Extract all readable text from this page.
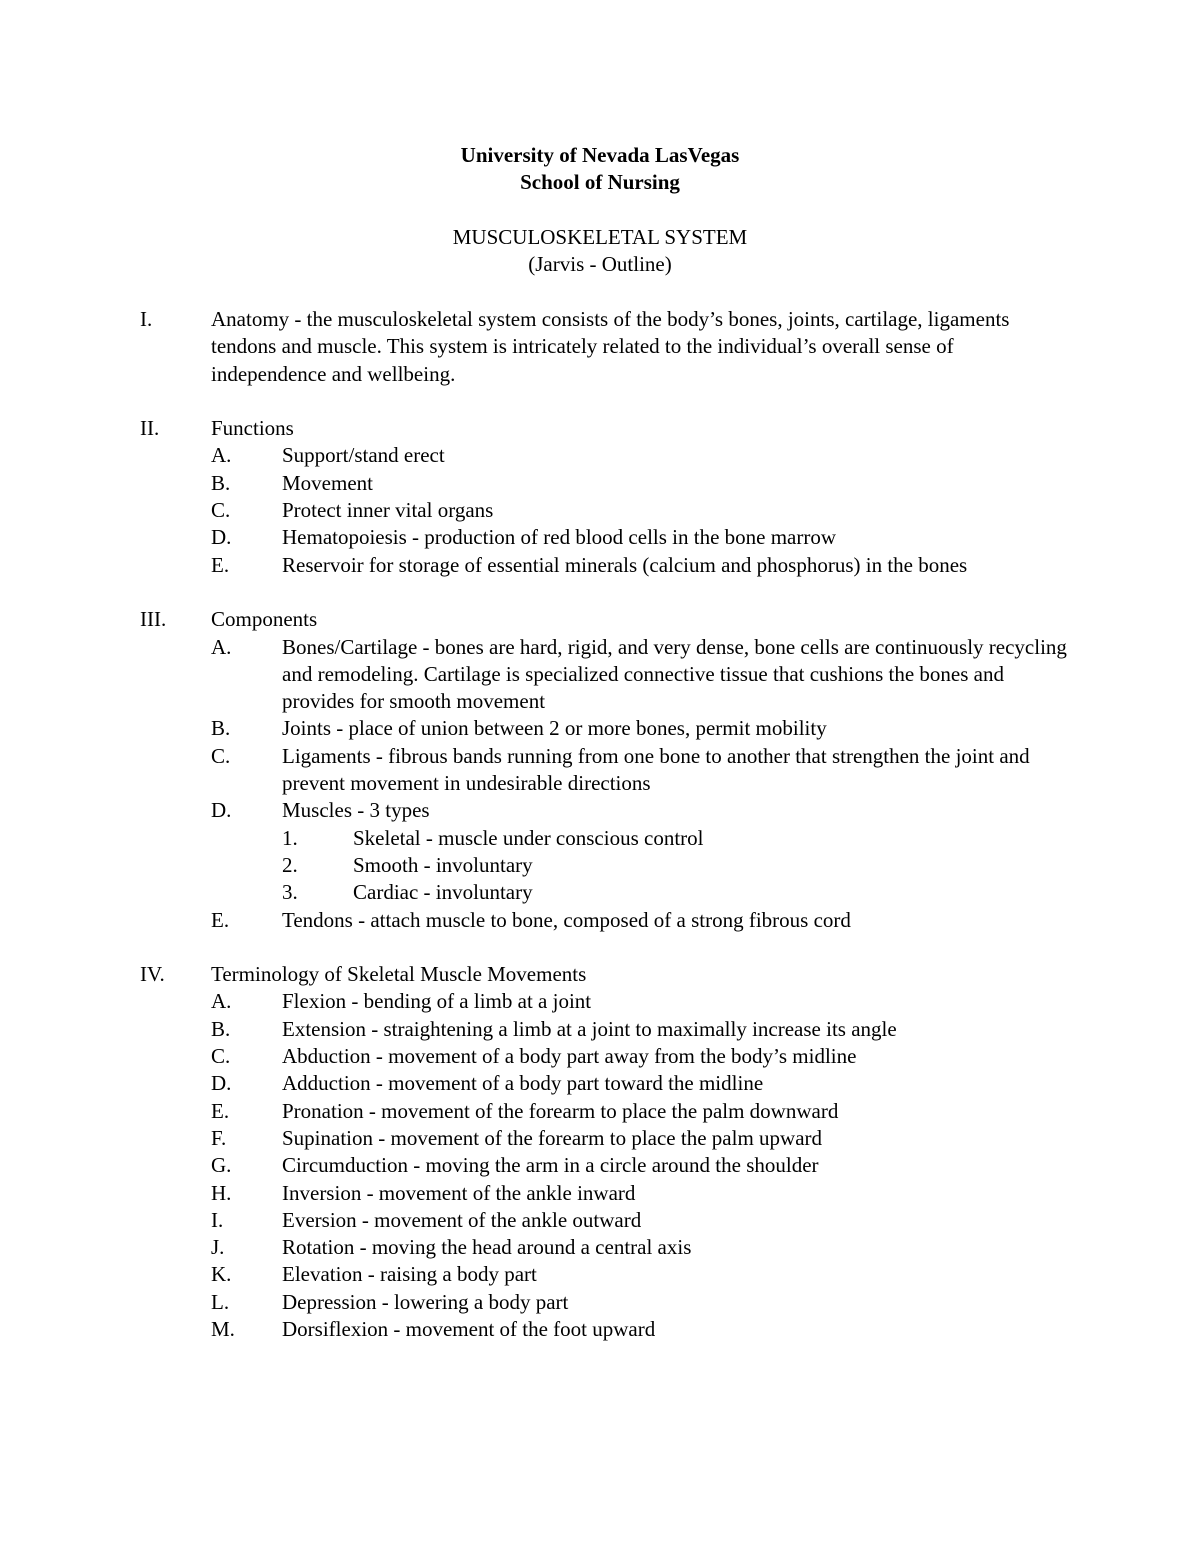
University of Nevada LasVegas
School of Nursing
MUSCULOSKELETAL SYSTEM
(Jarvis - Outline)
I.	Anatomy - the musculoskeletal system consists of the body’s bones, joints, cartilage, ligaments tendons and muscle. This system is intricately related to the individual’s overall sense of independence and wellbeing.
II. Functions
A. Support/stand erect
B. Movement
C. Protect inner vital organs
D. Hematopoiesis - production of red blood cells in the bone marrow
E.	Reservoir for storage of essential minerals (calcium and phosphorus) in the bones
III. Components
A. Bones/Cartilage - bones are hard, rigid, and very dense, bone cells are continuously recycling and remodeling. Cartilage is specialized connective tissue that cushions the bones and provides for smooth movement
B. Joints - place of union between 2 or more bones, permit mobility
C. Ligaments - fibrous bands running from one bone to another that strengthen the joint and prevent movement in undesirable directions
D. Muscles - 3 types
1.	Skeletal - muscle under conscious control
2.	Smooth - involuntary
3.	Cardiac - involuntary
E.	Tendons - attach muscle to bone, composed of a strong fibrous cord
IV. Terminology of Skeletal Muscle Movements
A. Flexion - bending of a limb at a joint
B. Extension - straightening a limb at a joint to maximally increase its angle
C. Abduction - movement of a body part away from the body’s midline
D. Adduction - movement of a body part toward the midline
E.	Pronation - movement of the forearm to place the palm downward
F.	Supination - movement of the forearm to place the palm upward
G. Circumduction - moving the arm in a circle around the shoulder
H. Inversion - movement of the ankle inward
I.	Eversion - movement of the ankle outward
J.	Rotation - moving the head around a central axis
K. Elevation - raising a body part
L.	Depression - lowering a body part
M. Dorsiflexion - movement of the foot upward
